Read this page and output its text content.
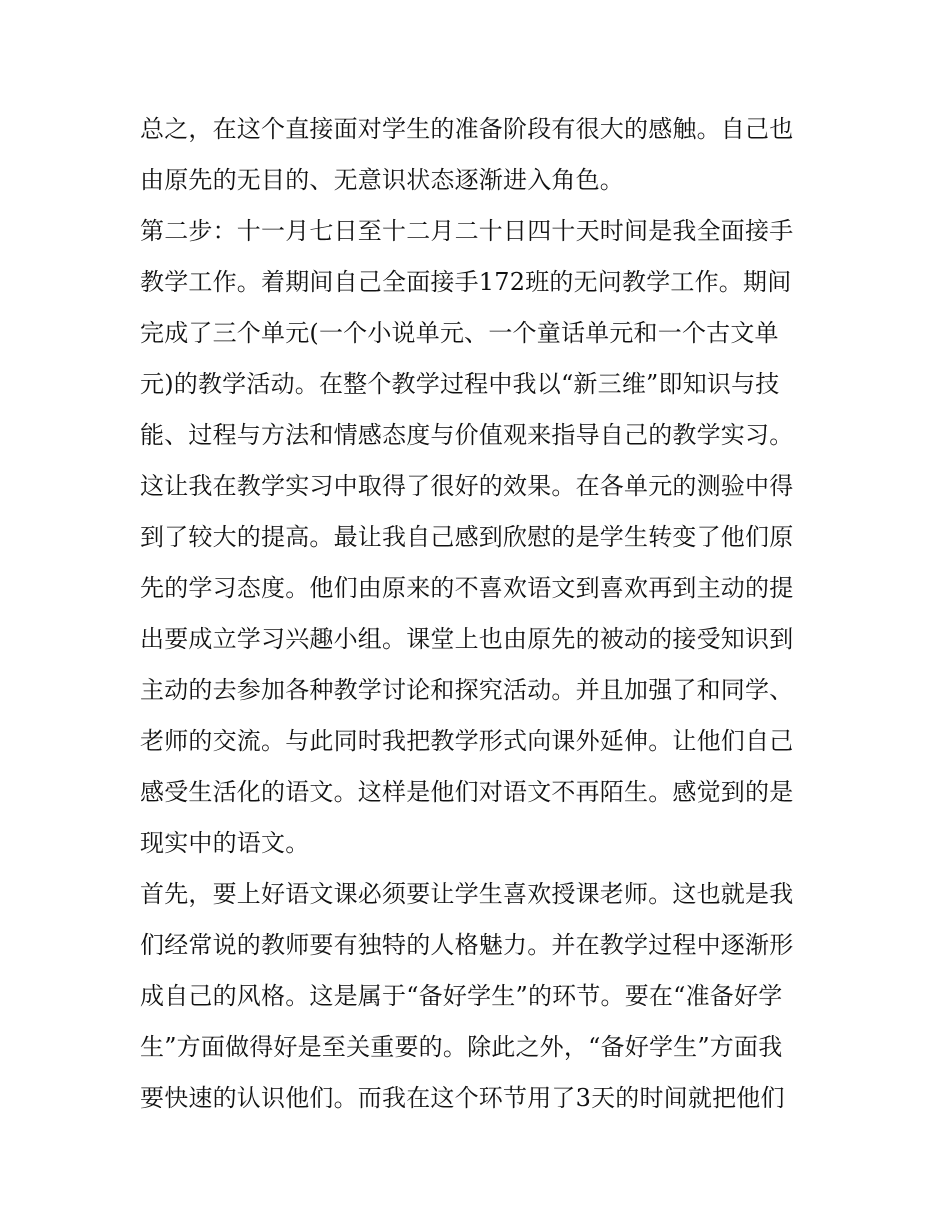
总之，在这个直接面对学生的准备阶段有很大的感触。自己也
由原先的无目的、无意识状态逐渐进入角色。
第二步：十一月七日至十二月二十日四十天时间是我全面接手
教学工作。着期间自己全面接手172班的无问教学工作。期间
完成了三个单元(一个小说单元、一个童话单元和一个古文单
元)的教学活动。在整个教学过程中我以“新三维”即知识与技
能、过程与方法和情感态度与价值观来指导自己的教学实习。
这让我在教学实习中取得了很好的效果。在各单元的测验中得
到了较大的提高。最让我自己感到欣慰的是学生转变了他们原
先的学习态度。他们由原来的不喜欢语文到喜欢再到主动的提
出要成立学习兴趣小组。课堂上也由原先的被动的接受知识到
主动的去参加各种教学讨论和探究活动。并且加强了和同学、
老师的交流。与此同时我把教学形式向课外延伸。让他们自己
感受生活化的语文。这样是他们对语文不再陌生。感觉到的是
现实中的语文。
首先，要上好语文课必须要让学生喜欢授课老师。这也就是我
们经常说的教师要有独特的人格魅力。并在教学过程中逐渐形
成自己的风格。这是属于“备好学生”的环节。要在“准备好学
生”方面做得好是至关重要的。除此之外，“备好学生”方面我
要快速的认识他们。而我在这个环节用了3天的时间就把他们
